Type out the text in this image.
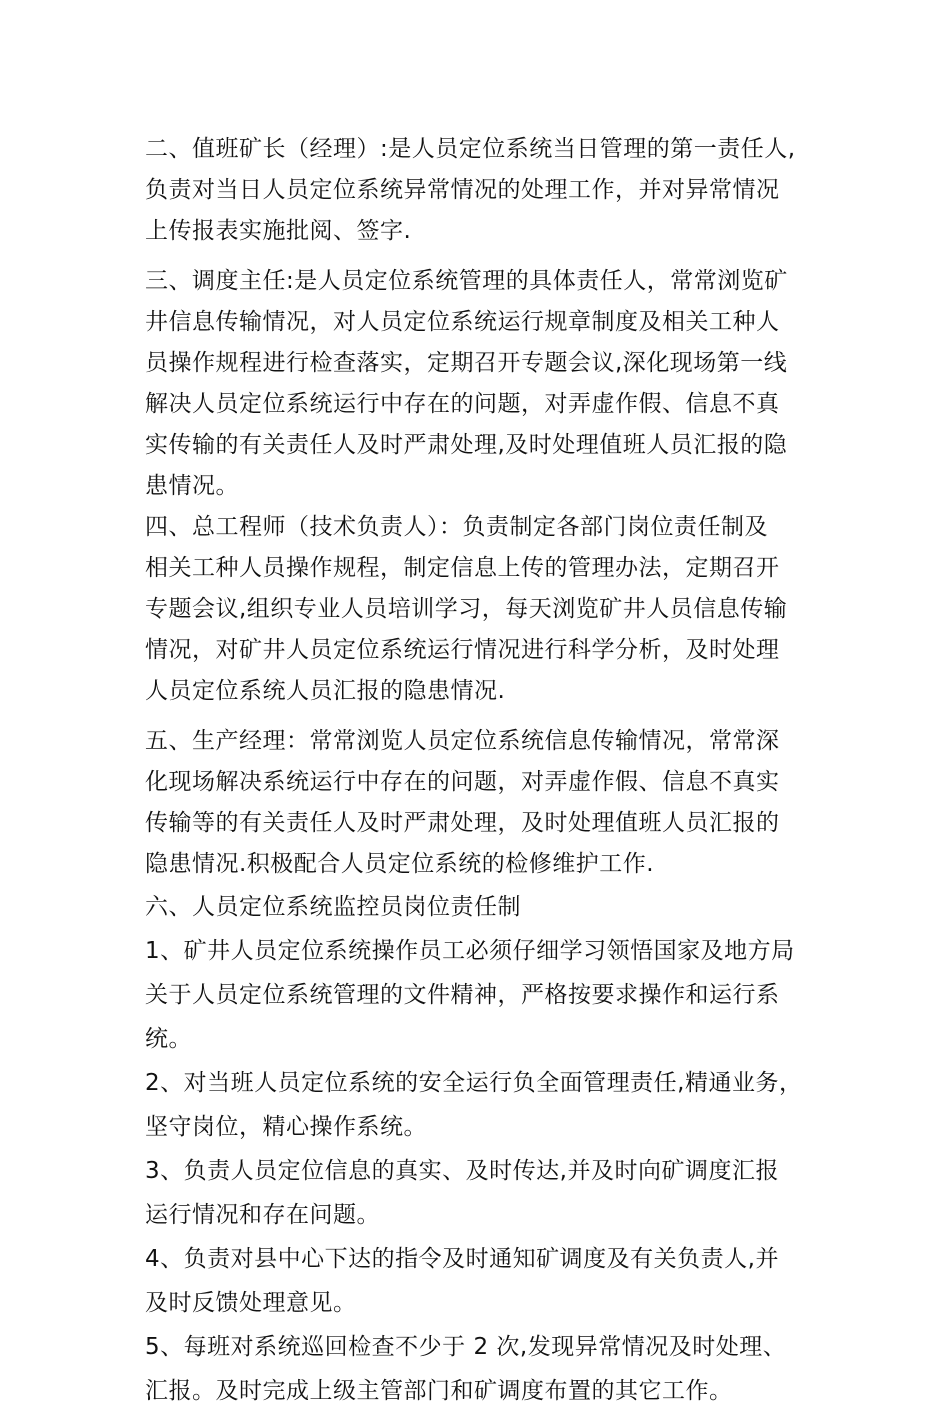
二、值班矿长（经理）:是人员定位系统当日管理的第一责任人,
负责对当日人员定位系统异常情况的处理工作，并对异常情况
上传报表实施批阅、签字.

三、调度主任:是人员定位系统管理的具体责任人，常常浏览矿
井信息传输情况，对人员定位系统运行规章制度及相关工种人
员操作规程进行检查落实，定期召开专题会议,深化现场第一线
解决人员定位系统运行中存在的问题，对弄虚作假、信息不真
实传输的有关责任人及时严肃处理,及时处理值班人员汇报的隐
患情况。

四、总工程师（技术负责人）：负责制定各部门岗位责任制及
相关工种人员操作规程，制定信息上传的管理办法，定期召开
专题会议,组织专业人员培训学习，每天浏览矿井人员信息传输
情况，对矿井人员定位系统运行情况进行科学分析，及时处理
人员定位系统人员汇报的隐患情况.

五、生产经理：常常浏览人员定位系统信息传输情况，常常深
化现场解决系统运行中存在的问题，对弄虚作假、信息不真实
传输等的有关责任人及时严肃处理，及时处理值班人员汇报的
隐患情况.积极配合人员定位系统的检修维护工作.

六、人员定位系统监控员岗位责任制

1、矿井人员定位系统操作员工必须仔细学习领悟国家及地方局
关于人员定位系统管理的文件精神，严格按要求操作和运行系
统。

2、对当班人员定位系统的安全运行负全面管理责任,精通业务，
坚守岗位，精心操作系统。

3、负责人员定位信息的真实、及时传达,并及时向矿调度汇报
运行情况和存在问题。

4、负责对县中心下达的指令及时通知矿调度及有关负责人,并
及时反馈处理意见。

5、每班对系统巡回检查不少于 2 次,发现异常情况及时处理、
汇报。及时完成上级主管部门和矿调度布置的其它工作。
